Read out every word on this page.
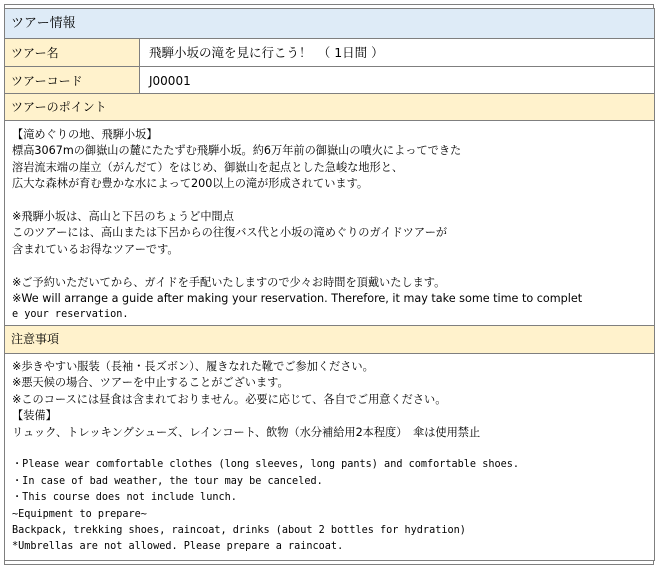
ツアー情報
ツアー名	飛騨小坂の滝を見に行こう！　（ 1日間 ）
ツアーコード	J00001
ツアーのポイント
【滝めぐりの地、飛騨小坂】
標高3067mの御嶽山の麓にたたずむ飛騨小坂。約6万年前の御嶽山の噴火によってできた
溶岩流末端の崖立（がんだて）をはじめ、御嶽山を起点とした急峻な地形と、
広大な森林が育む豊かな水によって200以上の滝が形成されています。
※飛騨小坂は、高山と下呂のちょうど中間点
このツアーには、高山または下呂からの往復バス代と小坂の滝めぐりのガイドツアーが
含まれているお得なツアーです。
※ご予約いただいてから、ガイドを手配いたしますので少々お時間を頂戴いたします。
※We will arrange a guide after making your reservation. Therefore, it may take some time to complet
e your reservation.
注意事項
※歩きやすい服装（長袖・長ズボン）、履きなれた靴でご参加ください。
※悪天候の場合、ツアーを中止することがございます。
※このコースには昼食は含まれておりません。必要に応じて、各自でご用意ください。
【装備】
リュック、トレッキングシューズ、レインコート、飲物（水分補給用2本程度）　傘は使用禁止
・Please wear comfortable clothes (long sleeves, long pants) and comfortable shoes.
・In case of bad weather, the tour may be canceled.
・This course does not include lunch.
~Equipment to prepare~
Backpack, trekking shoes, raincoat, drinks (about 2 bottles for hydration)
*Umbrellas are not allowed. Please prepare a raincoat.
